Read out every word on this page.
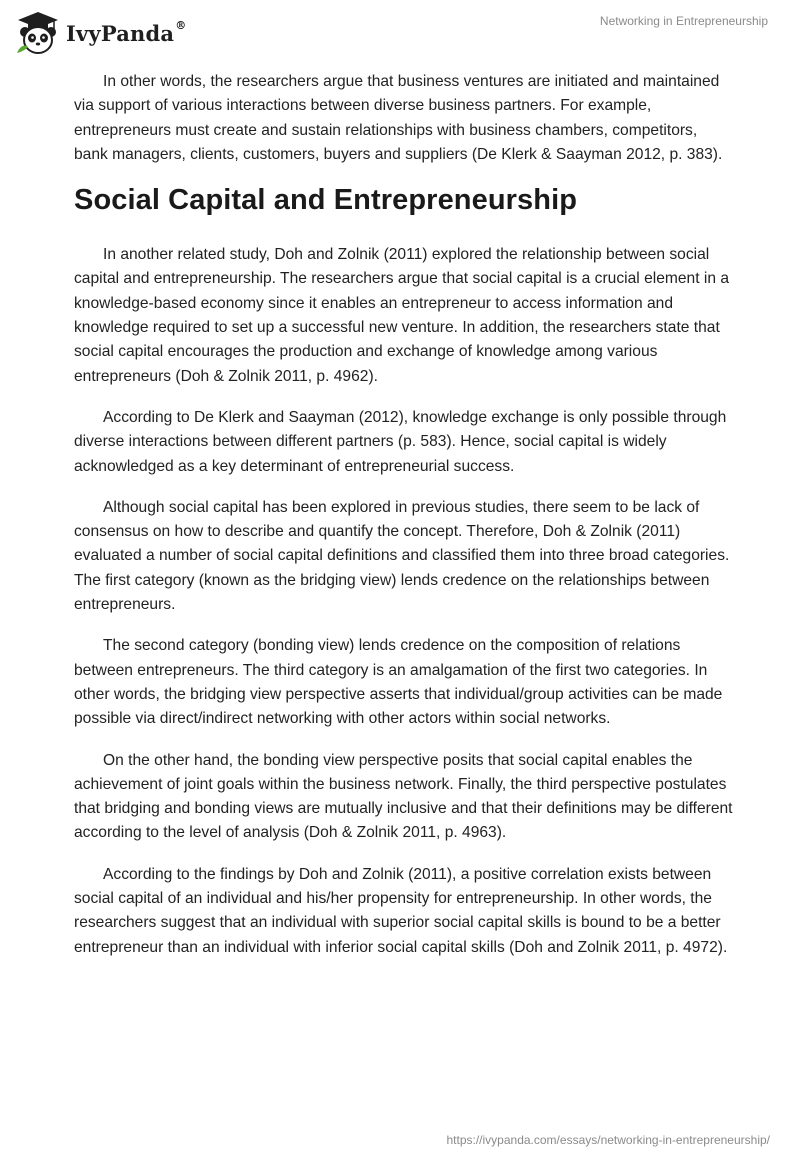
IvyPanda®	Networking in Entrepreneurship

In other words, the researchers argue that business ventures are initiated and maintained via support of various interactions between diverse business partners. For example, entrepreneurs must create and sustain relationships with business chambers, competitors, bank managers, clients, customers, buyers and suppliers (De Klerk & Saayman 2012, p. 383).

Social Capital and Entrepreneurship

In another related study, Doh and Zolnik (2011) explored the relationship between social capital and entrepreneurship. The researchers argue that social capital is a crucial element in a knowledge-based economy since it enables an entrepreneur to access information and knowledge required to set up a successful new venture. In addition, the researchers state that social capital encourages the production and exchange of knowledge among various entrepreneurs (Doh & Zolnik 2011, p. 4962).

According to De Klerk and Saayman (2012), knowledge exchange is only possible through diverse interactions between different partners (p. 583). Hence, social capital is widely acknowledged as a key determinant of entrepreneurial success.

Although social capital has been explored in previous studies, there seem to be lack of consensus on how to describe and quantify the concept. Therefore, Doh & Zolnik (2011) evaluated a number of social capital definitions and classified them into three broad categories. The first category (known as the bridging view) lends credence on the relationships between entrepreneurs.

The second category (bonding view) lends credence on the composition of relations between entrepreneurs. The third category is an amalgamation of the first two categories. In other words, the bridging view perspective asserts that individual/group activities can be made possible via direct/indirect networking with other actors within social networks.

On the other hand, the bonding view perspective posits that social capital enables the achievement of joint goals within the business network. Finally, the third perspective postulates that bridging and bonding views are mutually inclusive and that their definitions may be different according to the level of analysis (Doh & Zolnik 2011, p. 4963).

According to the findings by Doh and Zolnik (2011), a positive correlation exists between social capital of an individual and his/her propensity for entrepreneurship. In other words, the researchers suggest that an individual with superior social capital skills is bound to be a better entrepreneur than an individual with inferior social capital skills (Doh and Zolnik 2011, p. 4972).

https://ivypanda.com/essays/networking-in-entrepreneurship/
